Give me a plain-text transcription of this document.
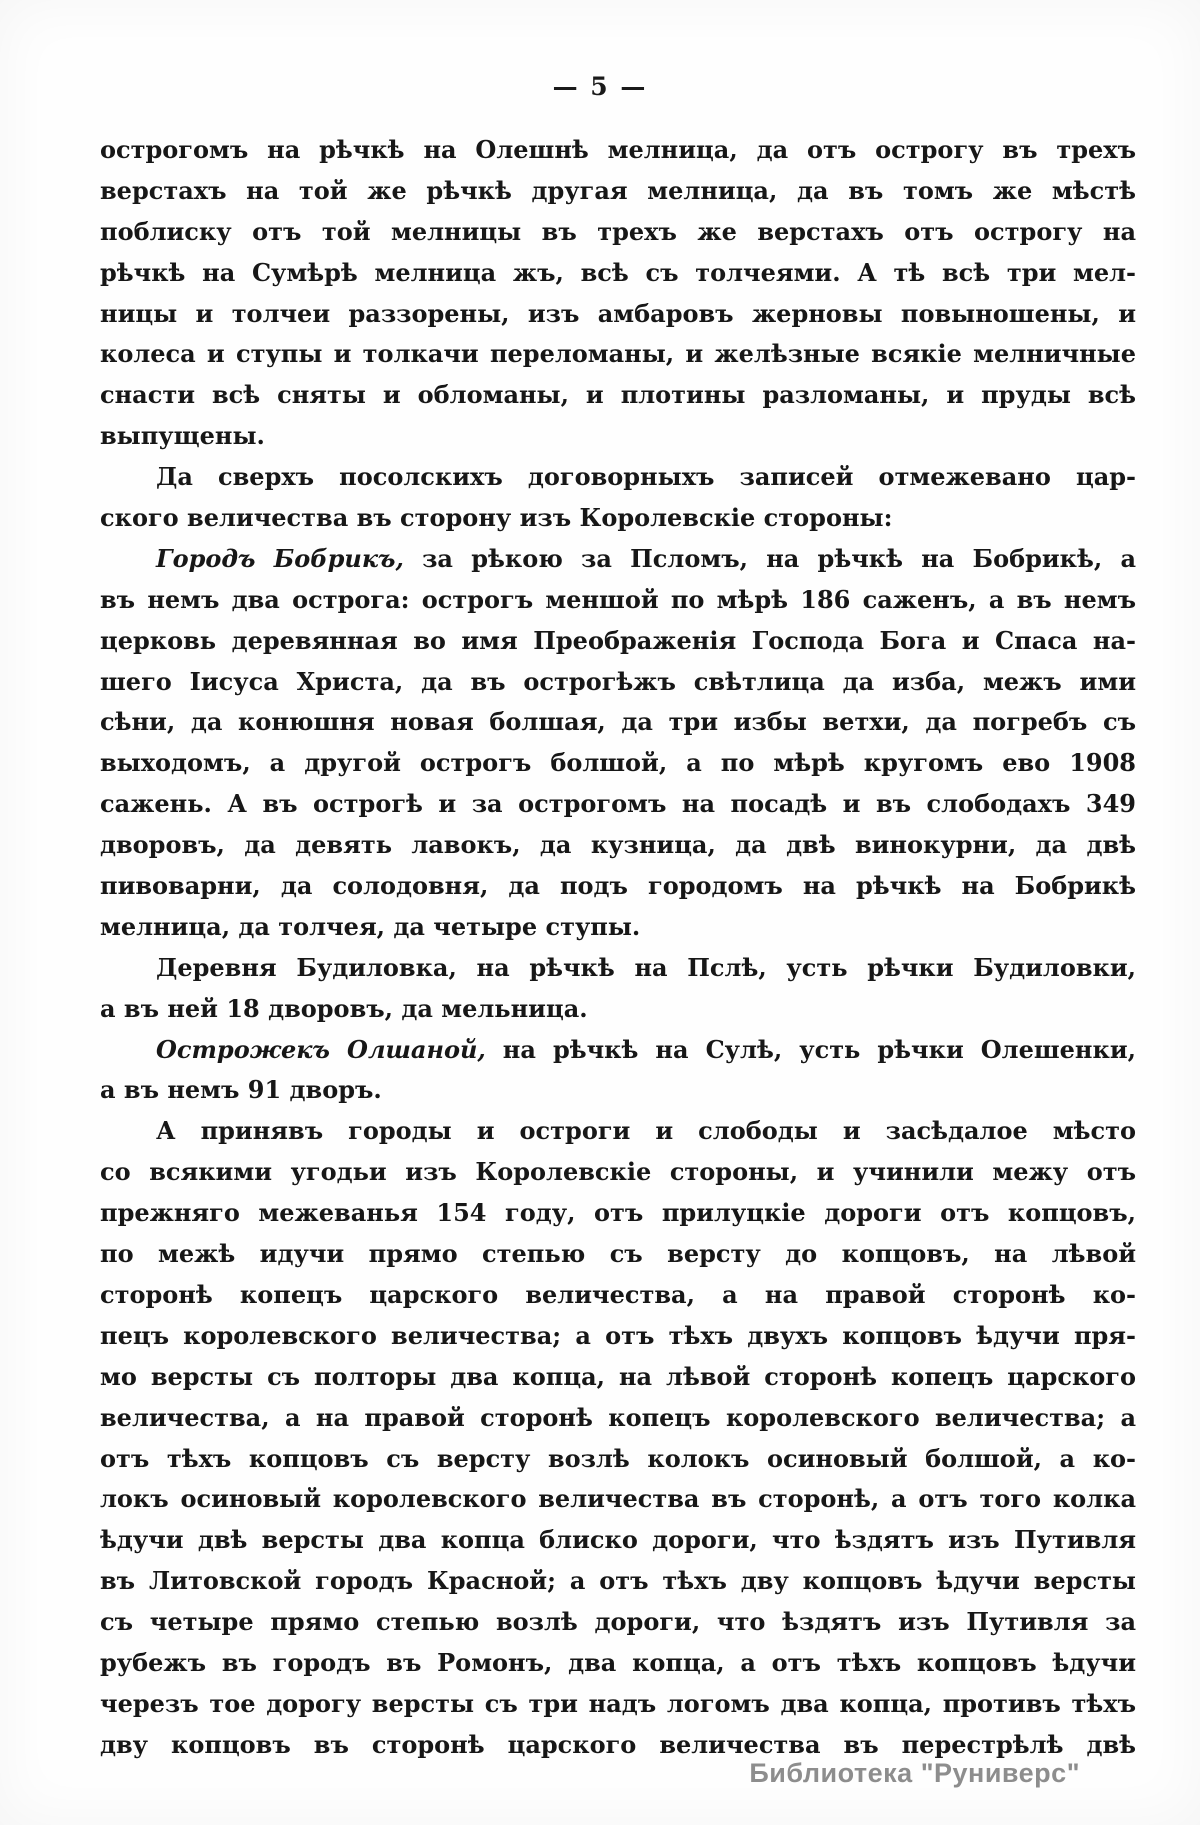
— 5 —
острогомъ на рѣчкѣ на Олешнѣ мелница, да отъ острогу въ трехъ
верстахъ на той же рѣчкѣ другая мелница, да въ томъ же мѣстѣ
поблиску отъ той мелницы въ трехъ же верстахъ отъ острогу на
рѣчкѣ на Сумѣрѣ мелница жъ, всѣ съ толчеями. А тѣ всѣ три мел-
ницы и толчеи раззорены, изъ амбаровъ жерновы повыношены, и
колеса и ступы и толкачи переломаны, и желѣзные всякіе мелничные
снасти всѣ сняты и обломаны, и плотины разломаны, и пруды всѣ
выпущены.
Да сверхъ посолскихъ договорныхъ записей отмежевано цар-
ского величества въ сторону изъ Королевскіе стороны:
Городъ Бобрикъ, за рѣкою за Псломъ, на рѣчкѣ на Бобрикѣ, а
въ немъ два острога: острогъ меншой по мѣрѣ 186 саженъ, а въ немъ
церковь деревянная во имя Преображенія Господа Бога и Спаса на-
шего Іисуса Христа, да въ острогѣжъ свѣтлица да изба, межъ ими
сѣни, да конюшня новая болшая, да три избы ветхи, да погребъ съ
выходомъ, а другой острогъ болшой, а по мѣрѣ кругомъ ево 1908
сажень. А въ острогѣ и за острогомъ на посадѣ и въ слободахъ 349
дворовъ, да девять лавокъ, да кузница, да двѣ винокурни, да двѣ
пивоварни, да солодовня, да подъ городомъ на рѣчкѣ на Бобрикѣ
мелница, да толчея, да четыре ступы.
Деревня Будиловка, на рѣчкѣ на Пслѣ, усть рѣчки Будиловки,
а въ ней 18 дворовъ, да мельница.
Острожекъ Олшаной, на рѣчкѣ на Сулѣ, усть рѣчки Олешенки,
а въ немъ 91 дворъ.
А принявъ городы и остроги и слободы и засѣдалое мѣсто
со всякими угодьи изъ Королевскіе стороны, и учинили межу отъ
прежняго межеванья 154 году, отъ прилуцкіе дороги отъ копцовъ,
по межѣ идучи прямо степью съ версту до копцовъ, на лѣвой
сторонѣ копецъ царского величества, а на правой сторонѣ ко-
пецъ королевского величества; а отъ тѣхъ двухъ копцовъ ѣдучи пря-
мо версты съ полторы два копца, на лѣвой сторонѣ копецъ царского
величества, а на правой сторонѣ копецъ королевского величества; а
отъ тѣхъ копцовъ съ версту возлѣ колокъ осиновый болшой, а ко-
локъ осиновый королевского величества въ сторонѣ, а отъ того колка
ѣдучи двѣ версты два копца блиско дороги, что ѣздятъ изъ Путивля
въ Литовской городъ Красной; а отъ тѣхъ дву копцовъ ѣдучи версты
съ четыре прямо степью возлѣ дороги, что ѣздятъ изъ Путивля за
рубежъ въ городъ въ Ромонъ, два копца, а отъ тѣхъ копцовъ ѣдучи
черезъ тое дорогу версты съ три надъ логомъ два копца, противъ тѣхъ
дву копцовъ въ сторонѣ царского величества въ перестрѣлѣ двѣ
Библиотека "Руниверс"
